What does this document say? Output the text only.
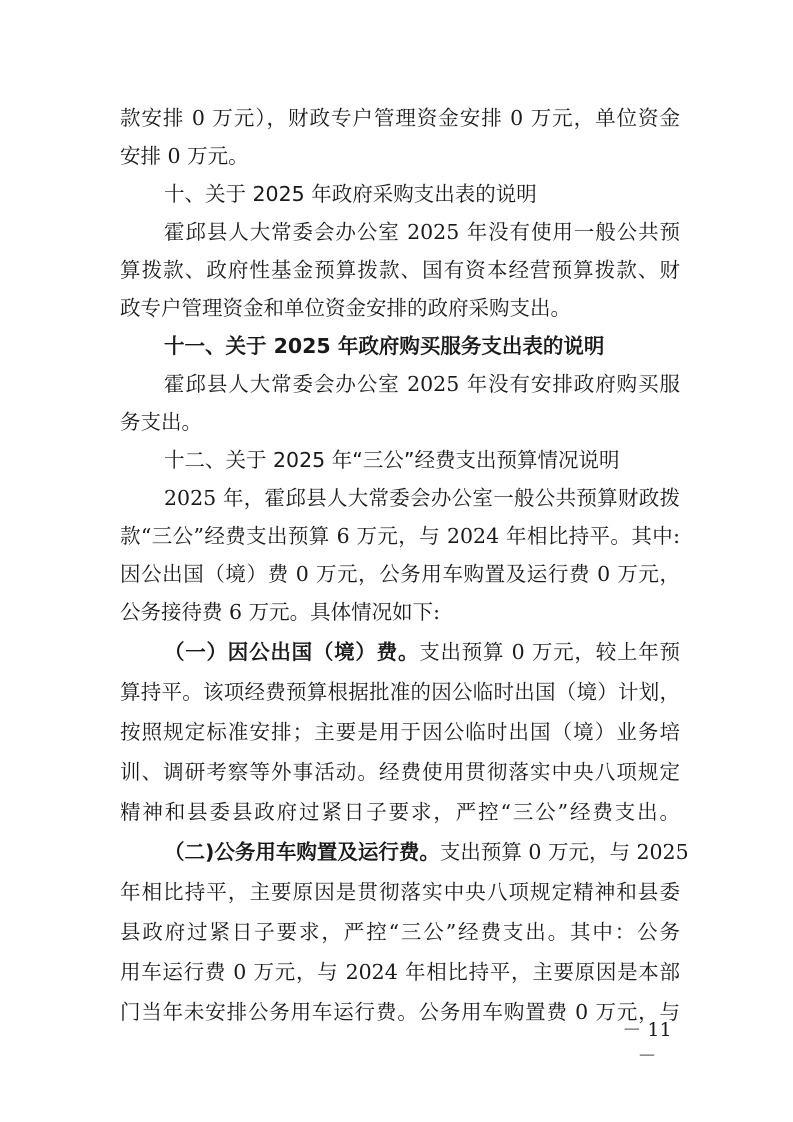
款安排 0 万元），财政专户管理资金安排 0 万元，单位资金
安排 0 万元。
十、关于 2025 年政府采购支出表的说明
霍邱县人大常委会办公室 2025 年没有使用一般公共预
算拨款、政府性基金预算拨款、国有资本经营预算拨款、财
政专户管理资金和单位资金安排的政府采购支出。
十一、关于 2025 年政府购买服务支出表的说明
霍邱县人大常委会办公室 2025 年没有安排政府购买服
务支出。
十二、关于 2025 年“三公”经费支出预算情况说明
2025 年，霍邱县人大常委会办公室一般公共预算财政拨
款“三公”经费支出预算 6 万元，与 2024 年相比持平。其中:
因公出国（境）费 0 万元，公务用车购置及运行费 0 万元，
公务接待费 6 万元。具体情况如下:
（一）因公出国（境）费。支出预算 0 万元，较上年预
算持平。该项经费预算根据批准的因公临时出国（境）计划，
按照规定标准安排；主要是用于因公临时出国（境）业务培
训、调研考察等外事活动。经费使用贯彻落实中央八项规定
精神和县委县政府过紧日子要求，严控“三公”经费支出。
（二)公务用车购置及运行费。支出预算 0 万元，与 2025
年相比持平，主要原因是贯彻落实中央八项规定精神和县委
县政府过紧日子要求，严控“三公”经费支出。其中：公务
用车运行费 0 万元，与 2024 年相比持平，主要原因是本部
门当年未安排公务用车运行费。公务用车购置费 0 万元，与
－ 11 －
